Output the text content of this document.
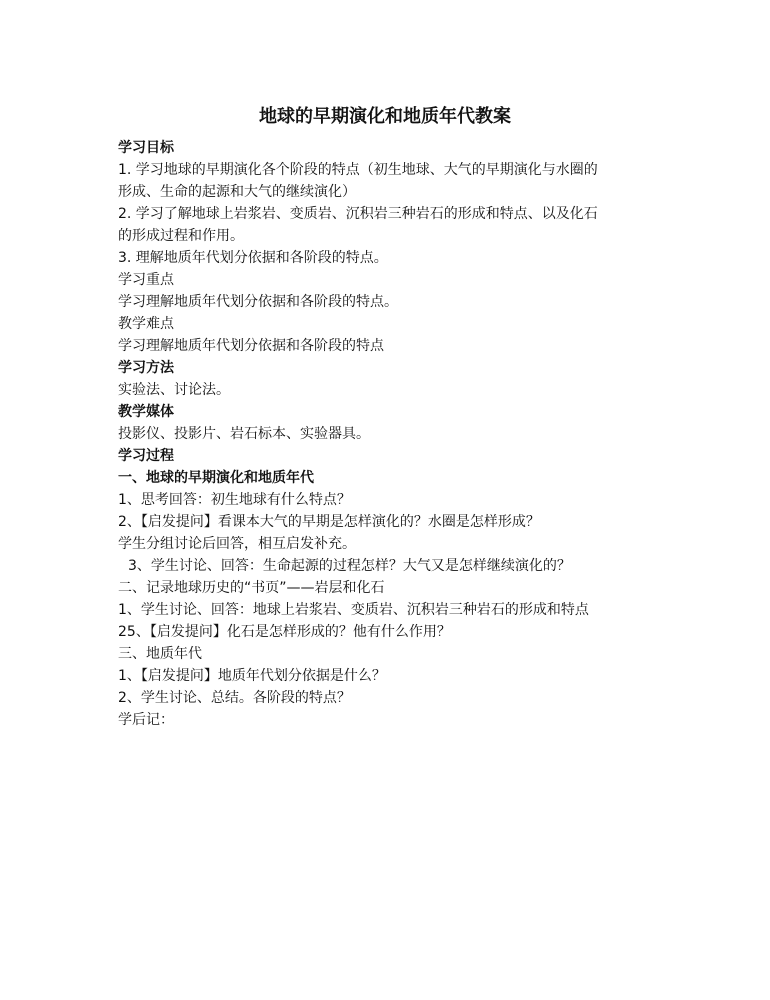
地球的早期演化和地质年代教案
学习目标
1. 学习地球的早期演化各个阶段的特点（初生地球、大气的早期演化与水圈的
形成、生命的起源和大气的继续演化）
2. 学习了解地球上岩浆岩、变质岩、沉积岩三种岩石的形成和特点、以及化石
的形成过程和作用。
3. 理解地质年代划分依据和各阶段的特点。
学习重点
学习理解地质年代划分依据和各阶段的特点。
教学难点
学习理解地质年代划分依据和各阶段的特点
学习方法
实验法、讨论法。
教学媒体
投影仪、投影片、岩石标本、实验器具。
学习过程
一、地球的早期演化和地质年代
1、思考回答：初生地球有什么特点？
2、【启发提问】看课本大气的早期是怎样演化的？水圈是怎样形成？
学生分组讨论后回答，相互启发补充。
3、学生讨论、回答：生命起源的过程怎样？大气又是怎样继续演化的？
二、记录地球历史的“书页”——岩层和化石
1、学生讨论、回答：地球上岩浆岩、变质岩、沉积岩三种岩石的形成和特点
25、【启发提问】化石是怎样形成的？他有什么作用？
三、地质年代
1、【启发提问】地质年代划分依据是什么？
2、学生讨论、总结。各阶段的特点？
学后记：
